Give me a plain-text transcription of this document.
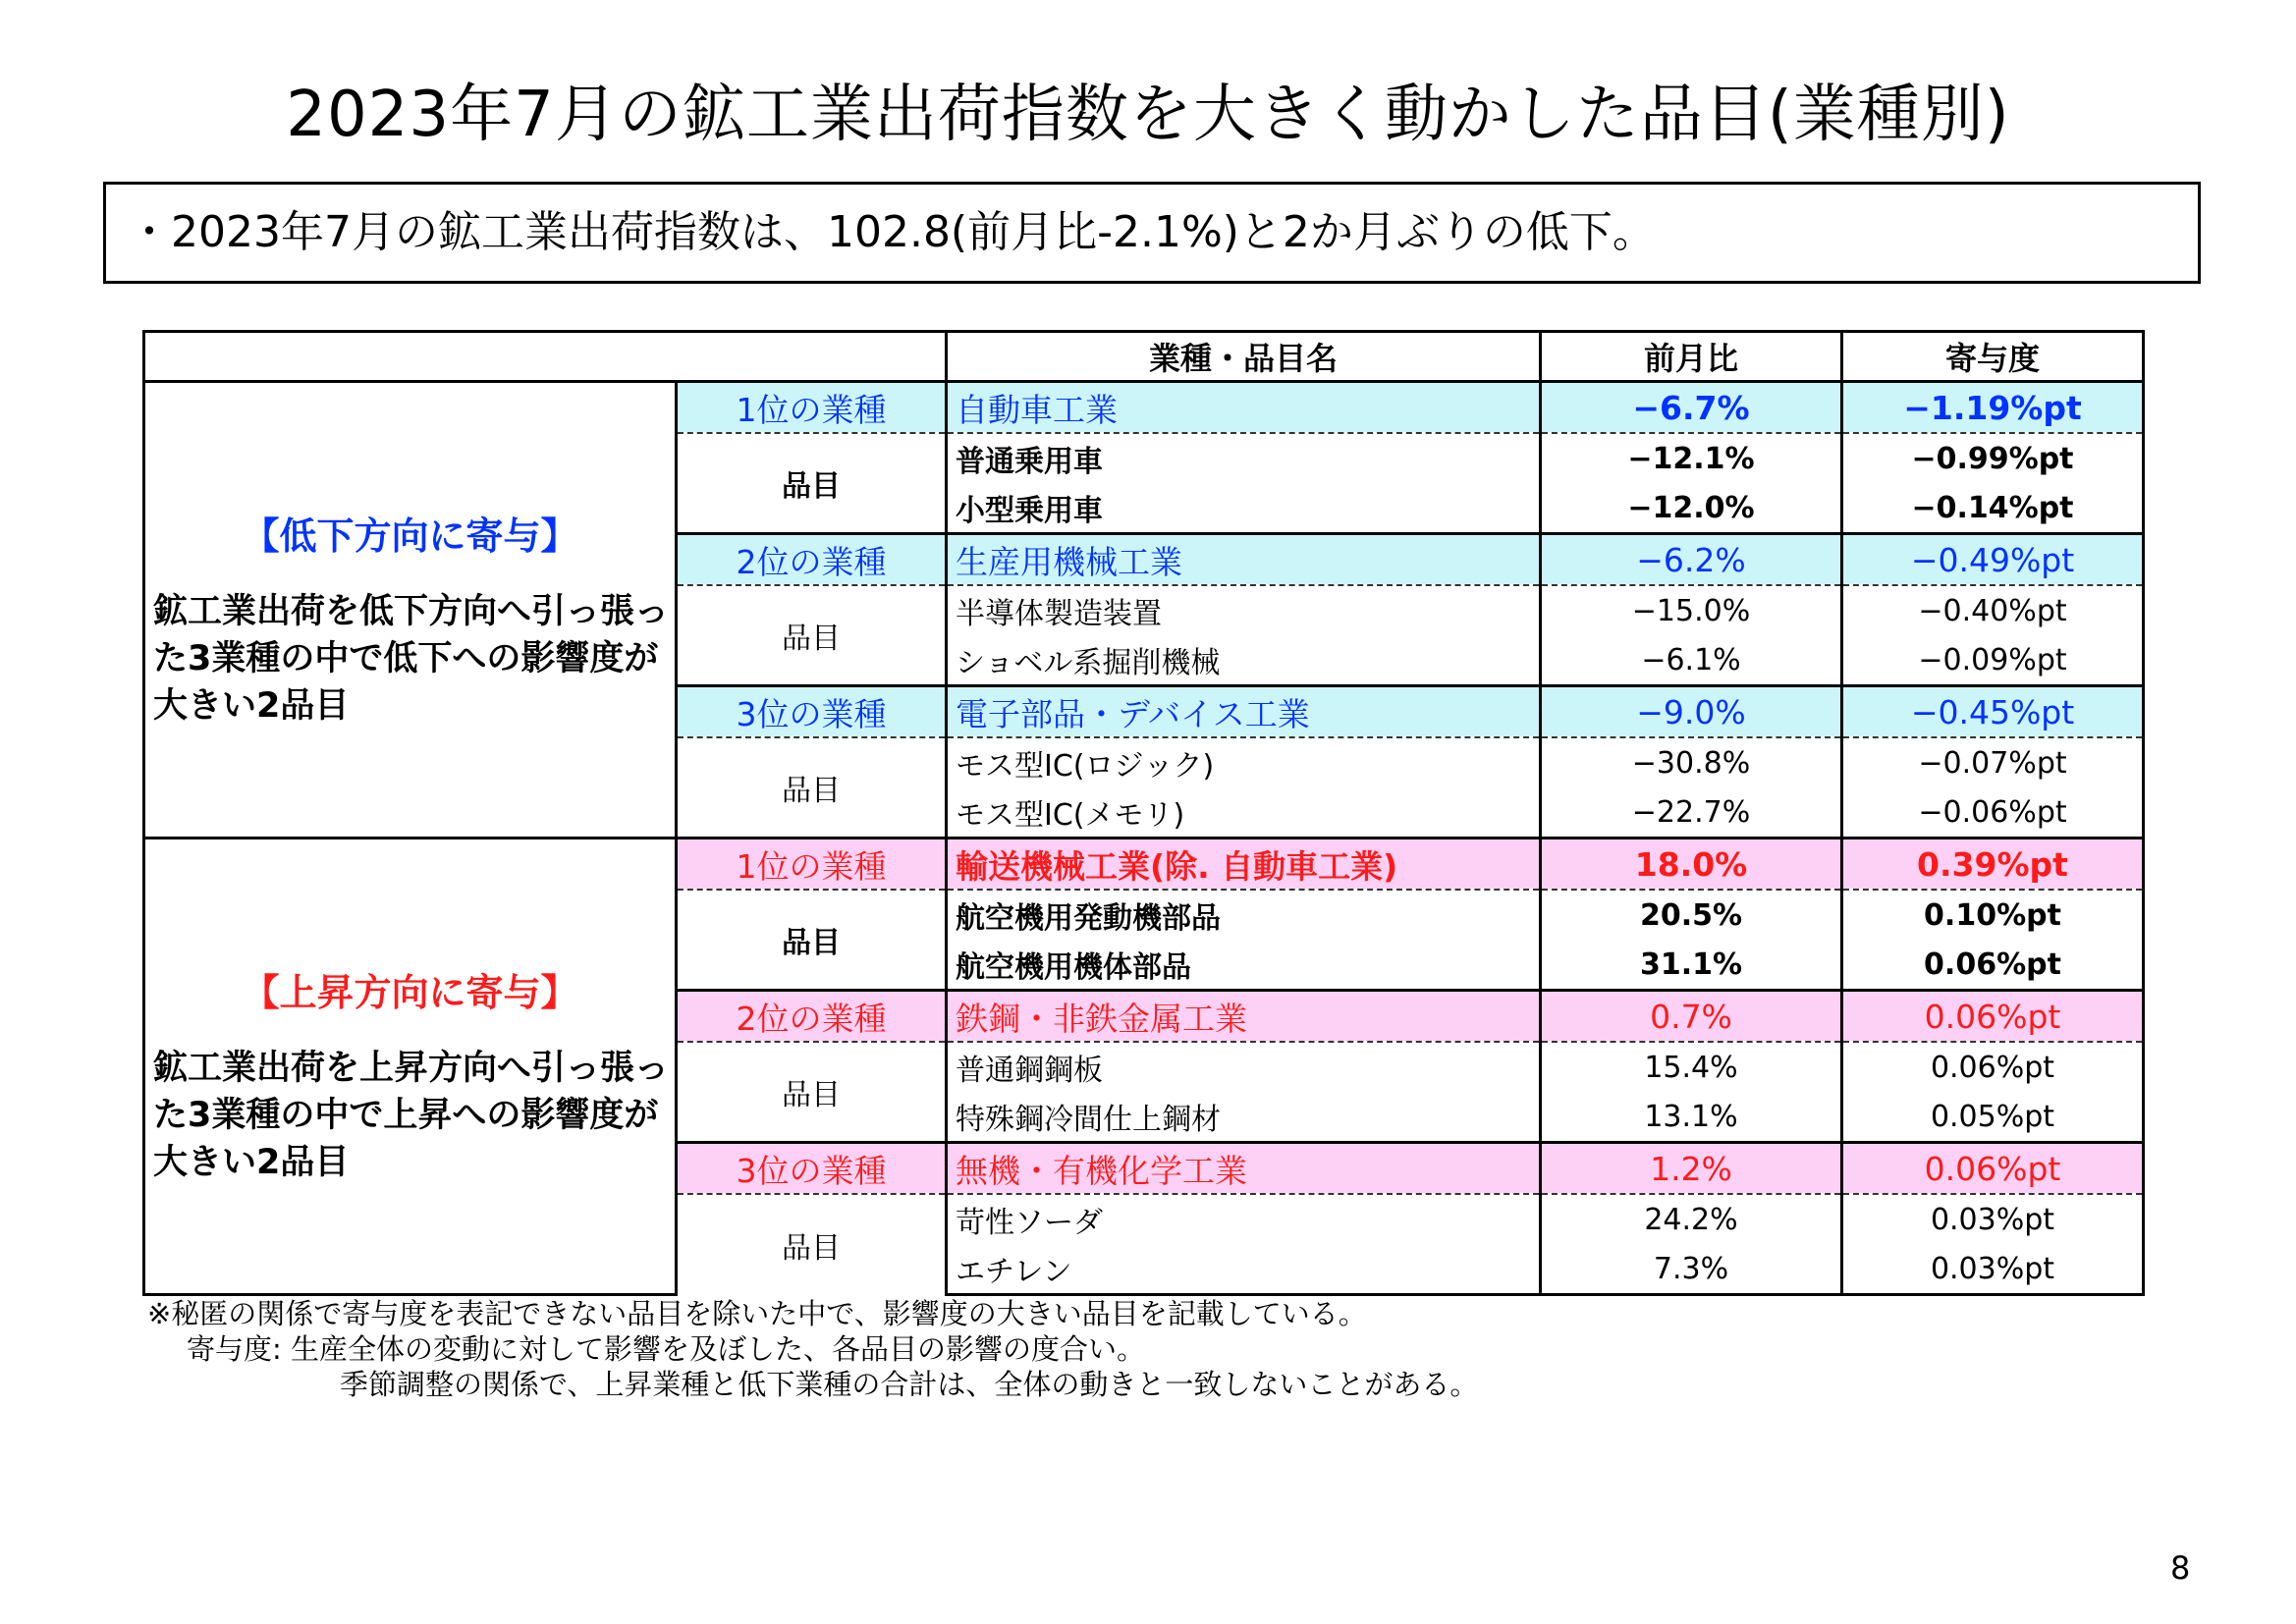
2023年7月の鉱工業出荷指数を大きく動かした品目(業種別)
・2023年7月の鉱工業出荷指数は、102.8(前月比-2.1%)と2か月ぶりの低下。
		業種・品目名	前月比	寄与度

【低下方向に寄与】
鉱工業出荷を低下方向へ引っ張った3業種の中で低下への影響度が大きい2品目	1位の業種	自動車工業	−6.7%	−1.19%pt
	品目	普通乗用車	−12.1%	−0.99%pt
		小型乗用車	−12.0%	−0.14%pt
	2位の業種	生産用機械工業	−6.2%	−0.49%pt
	品目	半導体製造装置	−15.0%	−0.40%pt
		ショベル系掘削機械	−6.1%	−0.09%pt
	3位の業種	電子部品・デバイス工業	−9.0%	−0.45%pt
	品目	モス型IC(ロジック)	−30.8%	−0.07%pt
		モス型IC(メモリ)	−22.7%	−0.06%pt

【上昇方向に寄与】
鉱工業出荷を上昇方向へ引っ張った3業種の中で上昇への影響度が大きい2品目	1位の業種	輸送機械工業(除. 自動車工業)	18.0%	0.39%pt
	品目	航空機用発動機部品	20.5%	0.10%pt
		航空機用機体部品	31.1%	0.06%pt
	2位の業種	鉄鋼・非鉄金属工業	0.7%	0.06%pt
	品目	普通鋼鋼板	15.4%	0.06%pt
		特殊鋼冷間仕上鋼材	13.1%	0.05%pt
	3位の業種	無機・有機化学工業	1.2%	0.06%pt
	品目	苛性ソーダ	24.2%	0.03%pt
		エチレン	7.3%	0.03%pt
※秘匿の関係で寄与度を表記できない品目を除いた中で、影響度の大きい品目を記載している。
寄与度: 生産全体の変動に対して影響を及ぼした、各品目の影響の度合い。
季節調整の関係で、上昇業種と低下業種の合計は、全体の動きと一致しないことがある。
8
